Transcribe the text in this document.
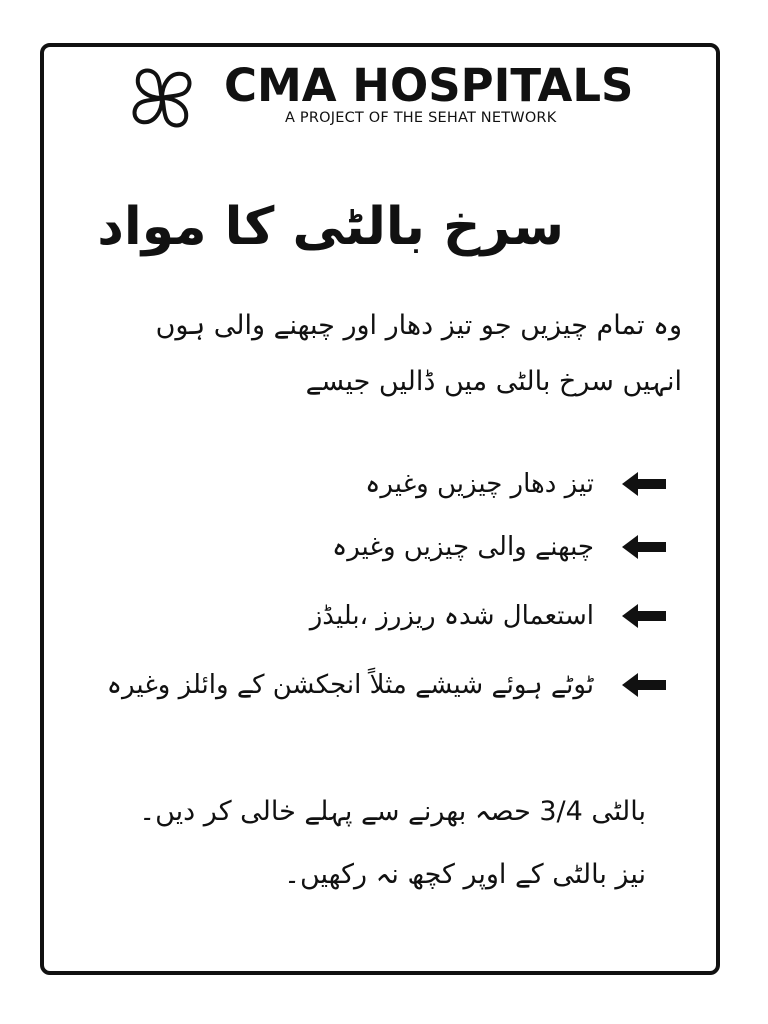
CMA HOSPITALS
A PROJECT OF THE SEHAT NETWORK
سرخ بالٹی کا مواد
وہ تمام چیزیں جو تیز دھار اور چبھنے والی ہوں
انہیں سرخ بالٹی میں ڈالیں جیسے
تیز دھار چیزیں وغیرہ
چبھنے والی چیزیں وغیرہ
استعمال شدہ ریزرز ،بلیڈز
ٹوٹے ہوئے شیشے مثلاً انجکشن کے وائلز وغیرہ
بالٹی 3/4 حصہ بھرنے سے پہلے خالی کر دیں۔
نیز بالٹی کے اوپر کچھ نہ رکھیں۔
